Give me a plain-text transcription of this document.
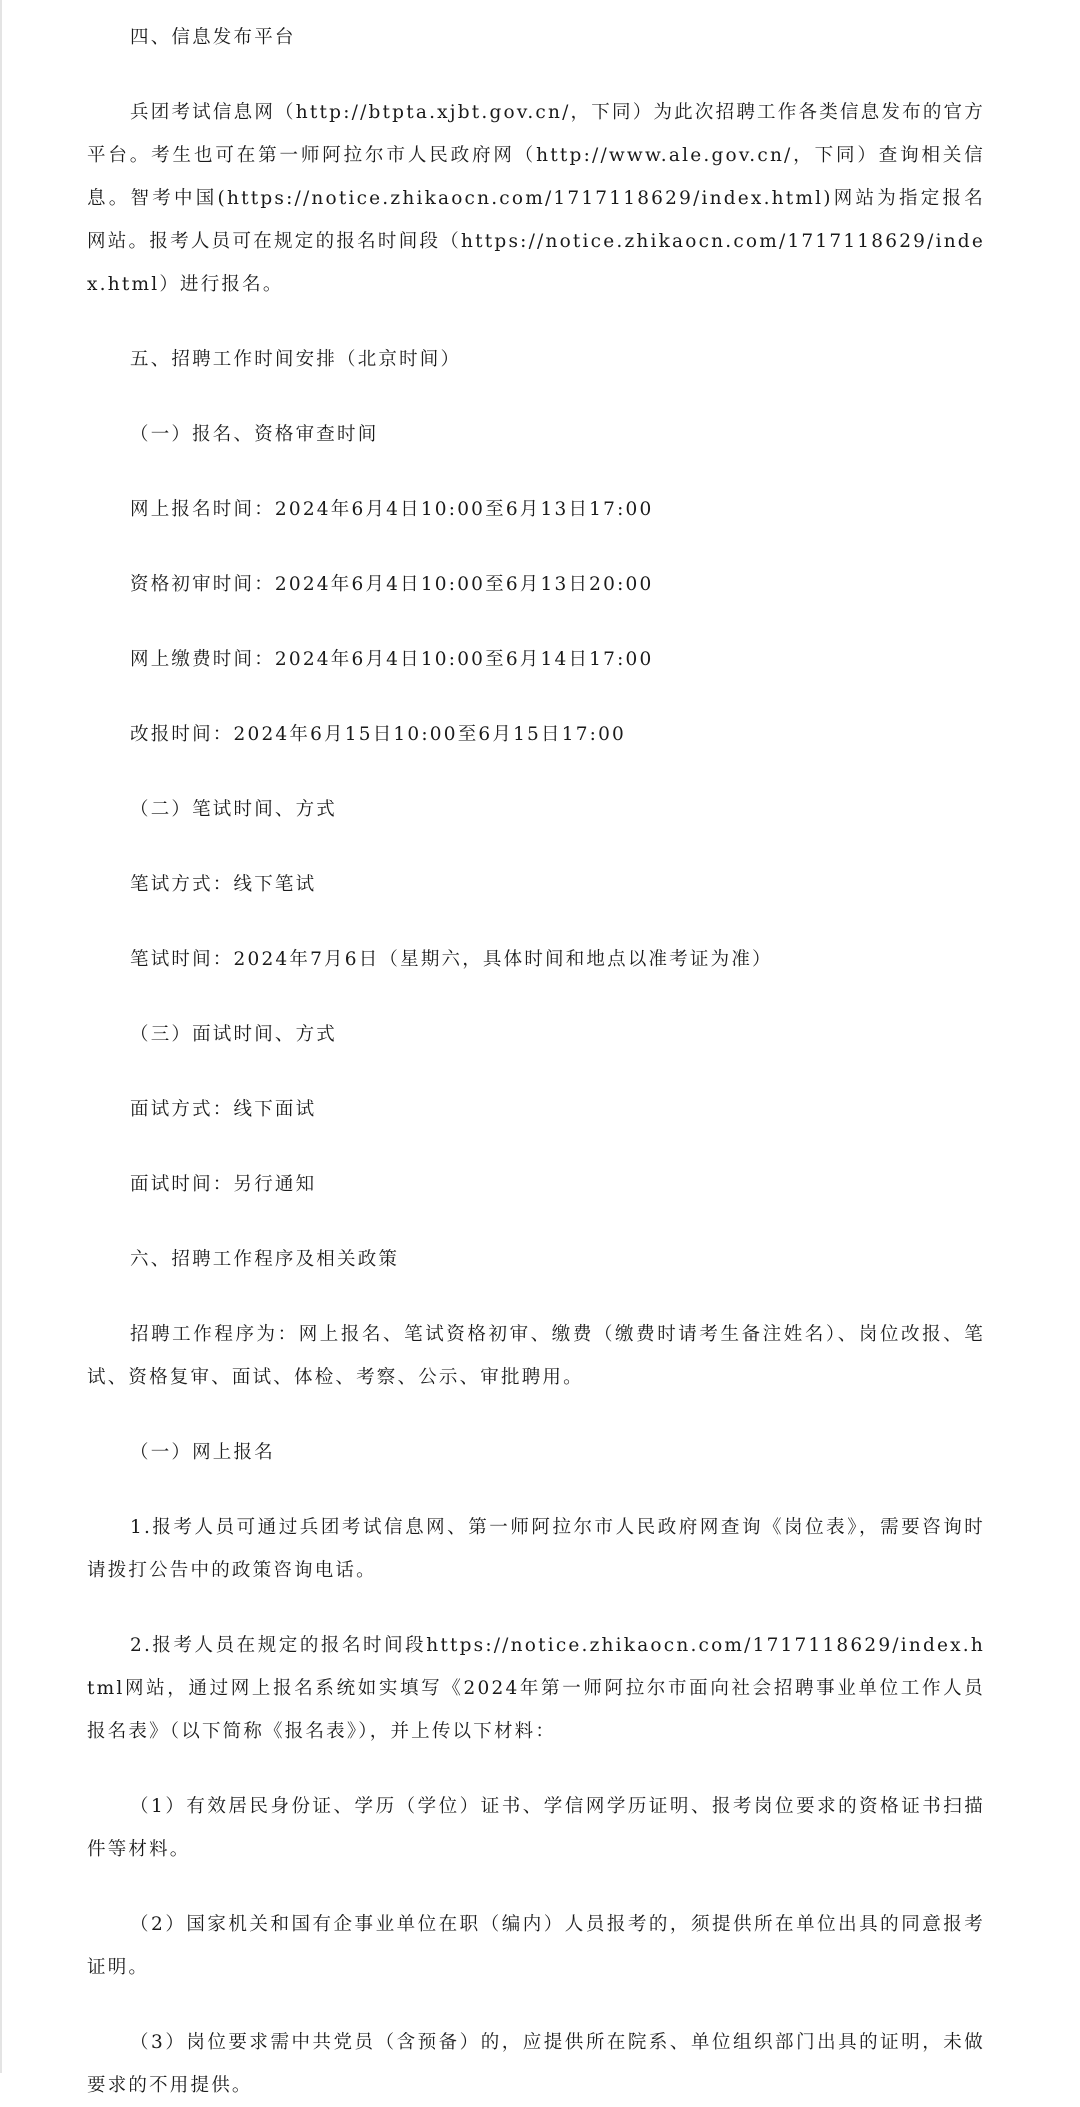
四、信息发布平台

兵团考试信息网（http://btpta.xjbt.gov.cn/，下同）为此次招聘工作各类信息发布的官方平台。考生也可在第一师阿拉尔市人民政府网（http://www.ale.gov.cn/，下同）查询相关信息。智考中国(https://notice.zhikaocn.com/1717118629/index.html)网站为指定报名网站。报考人员可在规定的报名时间段（https://notice.zhikaocn.com/1717118629/index.html）进行报名。

五、招聘工作时间安排（北京时间）

（一）报名、资格审查时间

网上报名时间：2024年6月4日10:00至6月13日17:00

资格初审时间：2024年6月4日10:00至6月13日20:00

网上缴费时间：2024年6月4日10:00至6月14日17:00

改报时间：2024年6月15日10:00至6月15日17:00

（二）笔试时间、方式

笔试方式：线下笔试

笔试时间：2024年7月6日（星期六，具体时间和地点以准考证为准）

（三）面试时间、方式

面试方式：线下面试

面试时间：另行通知

六、招聘工作程序及相关政策

招聘工作程序为：网上报名、笔试资格初审、缴费（缴费时请考生备注姓名）、岗位改报、笔试、资格复审、面试、体检、考察、公示、审批聘用。

（一）网上报名

1.报考人员可通过兵团考试信息网、第一师阿拉尔市人民政府网查询《岗位表》，需要咨询时请拨打公告中的政策咨询电话。

2.报考人员在规定的报名时间段https://notice.zhikaocn.com/1717118629/index.html网站，通过网上报名系统如实填写《2024年第一师阿拉尔市面向社会招聘事业单位工作人员报名表》（以下简称《报名表》），并上传以下材料：

（1）有效居民身份证、学历（学位）证书、学信网学历证明、报考岗位要求的资格证书扫描件等材料。

（2）国家机关和国有企事业单位在职（编内）人员报考的，须提供所在单位出具的同意报考证明。

（3）岗位要求需中共党员（含预备）的，应提供所在院系、单位组织部门出具的证明，未做要求的不用提供。
